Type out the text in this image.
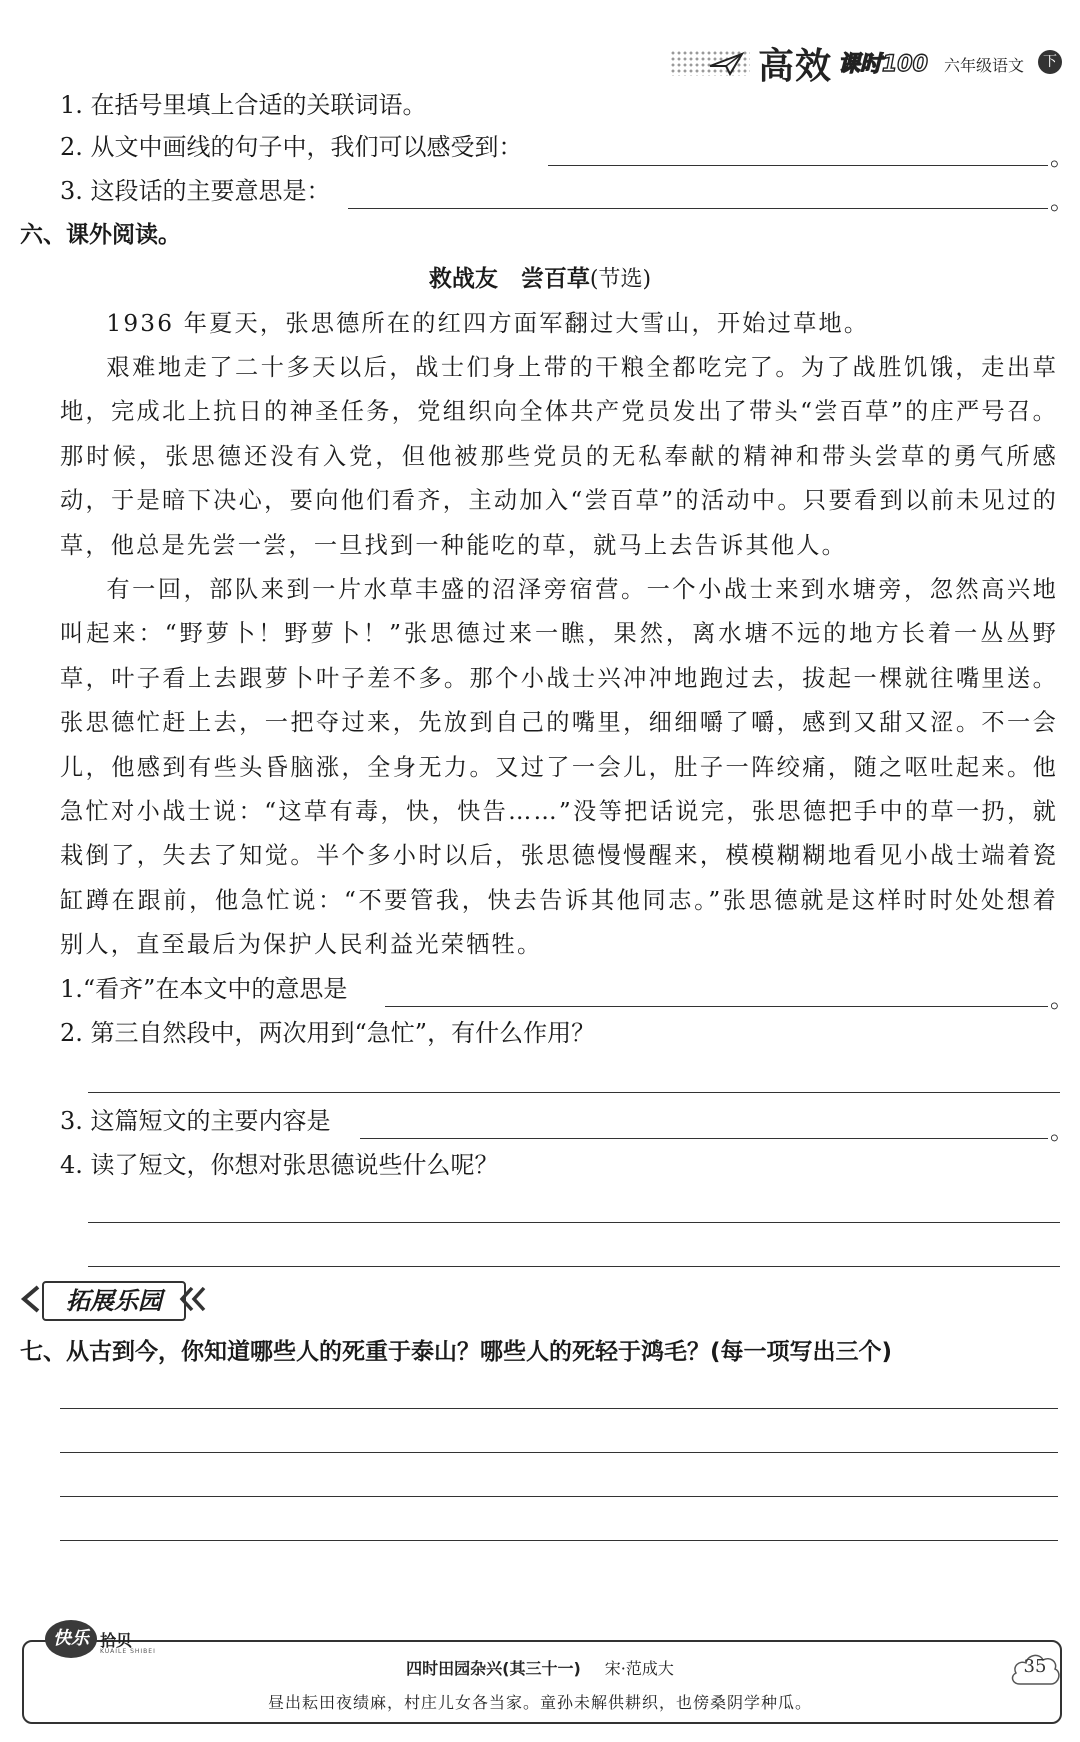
高效 课时100 六年级语文	下
1. 在括号里填上合适的关联词语。
2. 从文中画线的句子中，我们可以感受到：	。
3. 这段话的主要意思是：	。
六、课外阅读。
救战友　尝百草(节选)
1936 年夏天，张思德所在的红四方面军翻过大雪山，开始过草地。
艰难地走了二十多天以后，战士们身上带的干粮全都吃完了。为了战胜饥饿，走出草地，完成北上抗日的神圣任务，党组织向全体共产党员发出了带头“尝百草”的庄严号召。那时候，张思德还没有入党，但他被那些党员的无私奉献的精神和带头尝草的勇气所感动，于是暗下决心，要向他们看齐，主动加入“尝百草”的活动中。只要看到以前未见过的草，他总是先尝一尝，一旦找到一种能吃的草，就马上去告诉其他人。
有一回，部队来到一片水草丰盛的沼泽旁宿营。一个小战士来到水塘旁，忽然高兴地叫起来：“野萝卜！野萝卜！”张思德过来一瞧，果然，离水塘不远的地方长着一丛丛野草，叶子看上去跟萝卜叶子差不多。那个小战士兴冲冲地跑过去，拔起一棵就往嘴里送。张思德忙赶上去，一把夺过来，先放到自己的嘴里，细细嚼了嚼，感到又甜又涩。不一会儿，他感到有些头昏脑涨，全身无力。又过了一会儿，肚子一阵绞痛，随之呕吐起来。他急忙对小战士说：“这草有毒，快，快告……”没等把话说完，张思德把手中的草一扔，就栽倒了，失去了知觉。半个多小时以后，张思德慢慢醒来，模模糊糊地看见小战士端着瓷缸蹲在跟前，他急忙说：“不要管我，快去告诉其他同志。”张思德就是这样时时处处想着别人，直至最后为保护人民利益光荣牺牲。
1.“看齐”在本文中的意思是	。
2. 第三自然段中，两次用到“急忙”，有什么作用？
3. 这篇短文的主要内容是	。
4. 读了短文，你想对张思德说些什么呢？
拓展乐园
七、从古到今，你知道哪些人的死重于泰山？哪些人的死轻于鸿毛？(每一项写出三个)
快乐 拾贝
KUAILE SHIBEI
四时田园杂兴(其三十一) 宋·范成大
昼出耘田夜绩麻，村庄儿女各当家。童孙未解供耕织，也傍桑阴学种瓜。
35
